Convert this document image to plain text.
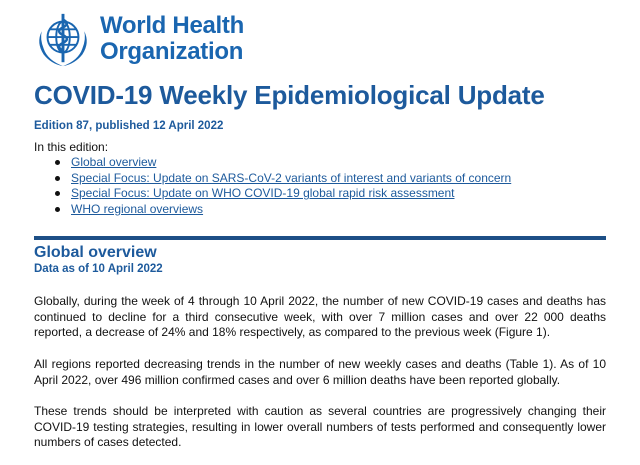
World Health
Organization
COVID-19 Weekly Epidemiological Update
Edition 87, published 12 April 2022
In this edition:
Global overview
Special Focus: Update on SARS-CoV-2 variants of interest and variants of concern
Special Focus: Update on WHO COVID-19 global rapid risk assessment
WHO regional overviews
Global overview
Data as of 10 April 2022

Globally, during the week of 4 through 10 April 2022, the number of new COVID-19 cases and deaths has continued to decline for a third consecutive week, with over 7 million cases and over 22 000 deaths reported, a decrease of 24% and 18% respectively, as compared to the previous week (Figure 1).

All regions reported decreasing trends in the number of new weekly cases and deaths (Table 1). As of 10 April 2022, over 496 million confirmed cases and over 6 million deaths have been reported globally.

These trends should be interpreted with caution as several countries are progressively changing their COVID-19 testing strategies, resulting in lower overall numbers of tests performed and consequently lower numbers of cases detected.
